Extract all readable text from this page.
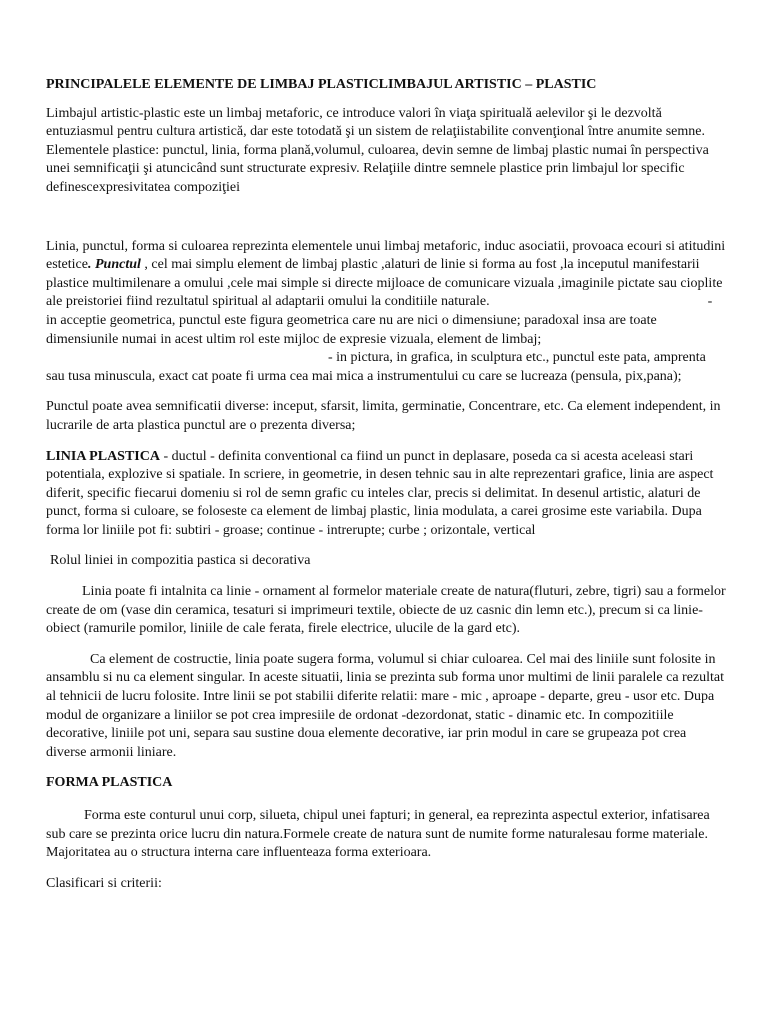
PRINCIPALELE ELEMENTE DE LIMBAJ PLASTICLIMBAJUL ARTISTIC – PLASTIC

Limbajul artistic-plastic este un limbaj metaforic, ce introduce valori în viaţa spirituală aelevilor şi le dezvoltă entuziasmul pentru cultura artistică, dar este totodată şi un sistem de relaţiistabilite convenţional între anumite semne. Elementele plastice: punctul, linia, forma plană,volumul, culoarea, devin semne de limbaj plastic numai în perspectiva unei semnificaţii şi atuncicând sunt structurate expresiv. Relaţiile dintre semnele plastice prin limbajul lor specific definescexpresivitatea compoziţiei

Linia, punctul, forma si culoarea reprezinta elementele unui limbaj metaforic, induc asociatii, provoaca ecouri si atitudini estetice. Punctul , cel mai simplu element de limbaj plastic ,alaturi de linie si forma au fost ,la inceputul manifestarii plastice multimilenare a omului ,cele mai simple si directe mijloace de comunicare vizuala ,imaginile pictate sau cioplite ale preistoriei fiind rezultatul spiritual al adaptarii omului la conditiile naturale.	- in acceptie geometrica, punctul este figura geometrica care nu are nici o dimensiune; paradoxal insa are toate dimensiunile numai in acest ultim rol este mijloc de expresie vizuala, element de limbaj;- in pictura, in grafica, in sculptura etc., punctul este pata, amprenta sau tusa minuscula, exact cat poate fi urma cea mai mica a instrumentului cu care se lucreaza (pensula, pix,pana);

Punctul poate avea semnificatii diverse: inceput, sfarsit, limita, germinatie, Concentrare, etc. Ca element independent, in lucrarile de arta plastica punctul are o prezenta diversa;

LINIA PLASTICA - ductul - definita conventional ca fiind un punct in deplasare, poseda ca si acesta aceleasi stari potentiala, explozive si spatiale. In scriere, in geometrie, in desen tehnic sau in alte reprezentari grafice, linia are aspect diferit, specific fiecarui domeniu si rol de semn grafic cu inteles clar, precis si delimitat. In desenul artistic, alaturi de punct, forma si culoare, se foloseste ca element de limbaj plastic, linia modulata, a carei grosime este variabila. Dupa forma lor liniile pot fi: subtiri - groase; continue - intrerupte; curbe ; orizontale, vertical

Rolul liniei in compozitia pastica si decorativa

Linia poate fi intalnita ca linie - ornament al formelor materiale create de natura(fluturi, zebre, tigri) sau a formelor create de om (vase din ceramica, tesaturi si imprimeuri textile, obiecte de uz casnic din lemn etc.), precum si ca linie-obiect (ramurile pomilor, liniile de cale ferata, firele electrice, ulucile de la gard etc).

Ca element de costructie, linia poate sugera forma, volumul si chiar culoarea. Cel mai des liniile sunt folosite in ansamblu si nu ca element singular. In aceste situatii, linia se prezinta sub forma unor multimi de linii paralele ca rezultat al tehnicii de lucru folosite. Intre linii se pot stabilii diferite relatii: mare - mic , aproape - departe, greu - usor etc. Dupa modul de organizare a liniilor se pot crea impresiile de ordonat -dezordonat, static - dinamic etc. In compozitiile decorative, liniile pot uni, separa sau sustine doua elemente decorative, iar prin modul in care se grupeaza pot crea diverse armonii liniare.

FORMA PLASTICA

Forma este conturul unui corp, silueta, chipul unei fapturi; in general, ea reprezinta aspectul exterior, infatisarea sub care se prezinta orice lucru din natura.Formele create de natura sunt de numite forme naturalesau forme materiale. Majoritatea au o structura interna care influenteaza forma exterioara.

Clasificari si criterii:
